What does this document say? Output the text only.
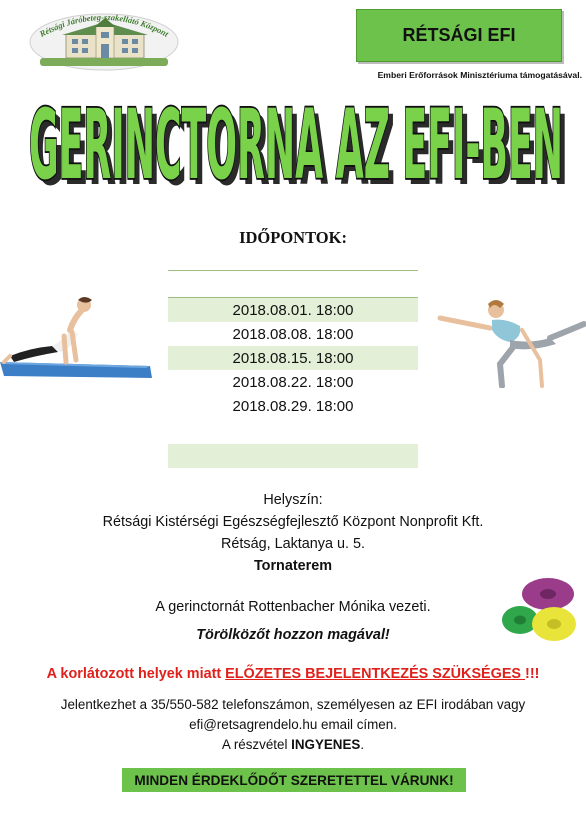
Rétsági Járóbeteg-szakellátó Központ	RÉTSÁGI EFI
Emberi Erőforrások Minisztériuma támogatásával.
GERINCTORNA AZ EFI-BEN
GERINCTORNA AZ EFI-BEN
IDŐPONTOK:
2018.08.01. 18:00
2018.08.08. 18:00
2018.08.15. 18:00
2018.08.22. 18:00
2018.08.29. 18:00
Helyszín:
Rétsági Kistérségi Egészségfejlesztő Központ Nonprofit Kft.
Rétság, Laktanya u. 5.
Tornaterem
A gerinctornát Rottenbacher Mónika vezeti.
Törölközőt hozzon magával!
A korlátozott helyek miatt ELŐZETES BEJELENTKEZÉS SZÜKSÉGES !!!
Jelentkezhet a 35/550-582 telefonszámon, személyesen az EFI irodában vagy
efi@retsagrendelo.hu email címen.
A részvétel INGYENES.
MINDEN ÉRDEKLŐDŐT SZERETETTEL VÁRUNK!
